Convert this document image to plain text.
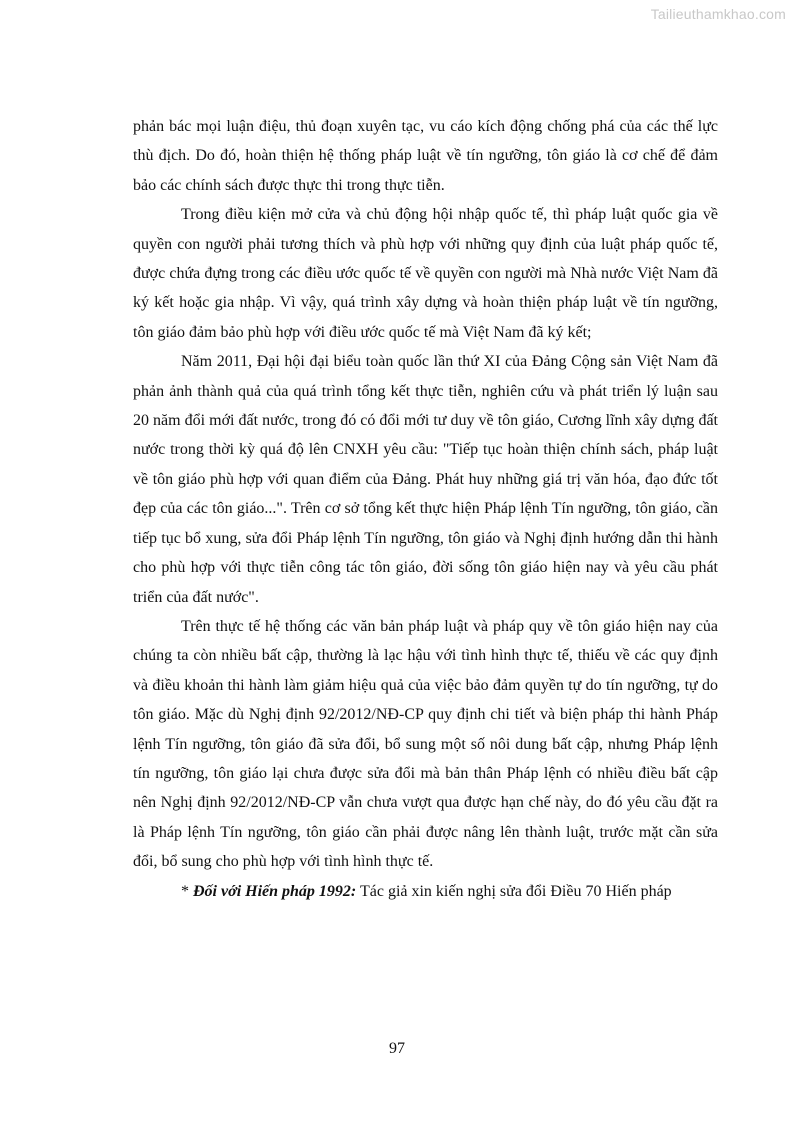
Tailieuthamkhao.com

phản bác mọi luận điệu, thủ đoạn xuyên tạc, vu cáo kích động chống phá của các thế lực thù địch. Do đó, hoàn thiện hệ thống pháp luật về tín ngưỡng, tôn giáo là cơ chế để đảm bảo các chính sách được thực thi trong thực tiễn.

Trong điều kiện mở cửa và chủ động hội nhập quốc tế, thì pháp luật quốc gia về quyền con người phải tương thích và phù hợp với những quy định của luật pháp quốc tế, được chứa đựng trong các điều ước quốc tế về quyền con người mà Nhà nước Việt Nam đã ký kết hoặc gia nhập. Vì vậy, quá trình xây dựng và hoàn thiện pháp luật về tín ngưỡng, tôn giáo đảm bảo phù hợp với điều ước quốc tế mà Việt Nam đã ký kết;

Năm 2011, Đại hội đại biểu toàn quốc lần thứ XI của Đảng Cộng sản Việt Nam đã phản ảnh thành quả của quá trình tổng kết thực tiễn, nghiên cứu và phát triển lý luận sau 20 năm đổi mới đất nước, trong đó có đổi mới tư duy về tôn giáo, Cương lĩnh xây dựng đất nước trong thời kỳ quá độ lên CNXH yêu cầu: "Tiếp tục hoàn thiện chính sách, pháp luật về tôn giáo phù hợp với quan điểm của Đảng. Phát huy những giá trị văn hóa, đạo đức tốt đẹp của các tôn giáo...". Trên cơ sở tổng kết thực hiện Pháp lệnh Tín ngưỡng, tôn giáo, cần tiếp tục bổ xung, sửa đổi Pháp lệnh Tín ngưỡng, tôn giáo và Nghị định hướng dẫn thi hành cho phù hợp với thực tiễn công tác tôn giáo, đời sống tôn giáo hiện nay và yêu cầu phát triển của đất nước".

Trên thực tế hệ thống các văn bản pháp luật và pháp quy về tôn giáo hiện nay của chúng ta còn nhiều bất cập, thường là lạc hậu với tình hình thực tế, thiếu về các quy định và điều khoản thi hành làm giảm hiệu quả của việc bảo đảm quyền tự do tín ngưỡng, tự do tôn giáo. Mặc dù Nghị định 92/2012/NĐ-CP quy định chi tiết và biện pháp thi hành Pháp lệnh Tín ngưỡng, tôn giáo đã sửa đổi, bổ sung một số nôi dung bất cập, nhưng Pháp lệnh tín ngưỡng, tôn giáo lại chưa được sửa đổi mà bản thân Pháp lệnh có nhiều điều bất cập nên Nghị định 92/2012/NĐ-CP vẫn chưa vượt qua được hạn chế này, do đó yêu cầu đặt ra là Pháp lệnh Tín ngưỡng, tôn giáo cần phải được nâng lên thành luật, trước mặt cần sửa đổi, bổ sung cho phù hợp với tình hình thực tế.

* Đối với Hiến pháp 1992: Tác giả xin kiến nghị sửa đổi Điều 70 Hiến pháp

97
